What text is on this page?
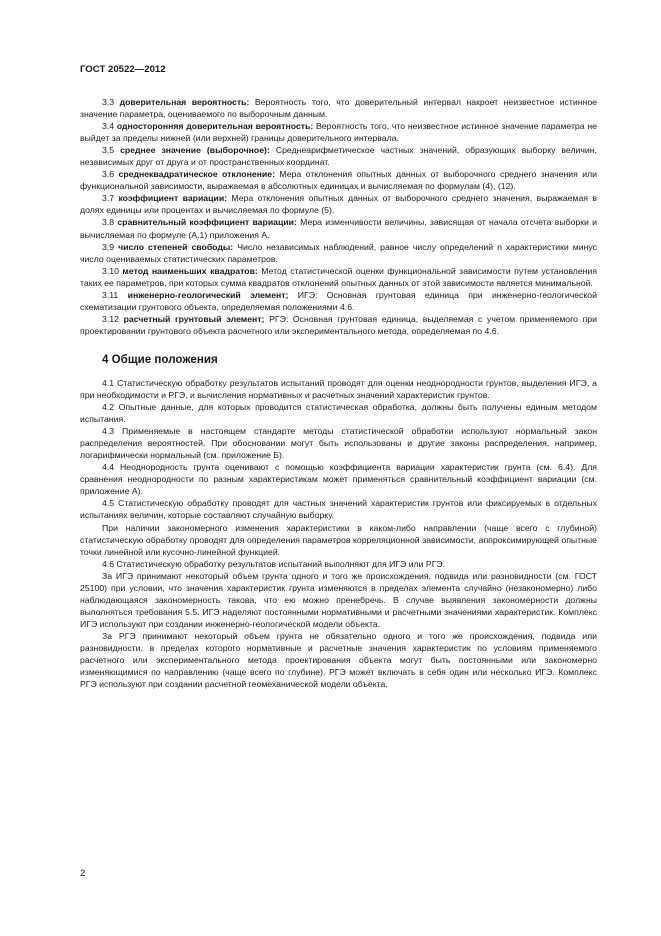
ГОСТ 20522—2012

3.3 доверительная вероятность: Вероятность того, что доверительный интервал накроет неизвестное истинное значение параметра, оцениваемого по выборочным данным.

3.4 односторонняя доверительная вероятность: Вероятность того, что неизвестное истинное значение параметра не выйдет за пределы нижней (или верхней) границы доверительного интервала.

3.5 среднее значение (выборочное): Среднеарифметическое частных значений, образующих выборку величин, независимых друг от друга и от пространственных координат.

3.6 среднеквадратическое отклонение: Мера отклонения опытных данных от выборочного среднего значения или функциональной зависимости, выражаемая в абсолютных единицах и вычисляемая по формулам (4), (12).

3.7 коэффициент вариации: Мера отклонения опытных данных от выборочного среднего значения, выражаемая в долях единицы или процентах и вычисляемая по формуле (5).

3.8 сравнительный коэффициент вариации: Мера изменчивости величины, зависящая от начала отсчета выборки и вычисляемая по формуле (А.1) приложения А.

3.9 число степеней свободы: Число независимых наблюдений, равное числу определений n характеристики минус число оцениваемых статистических параметров.

3.10 метод наименьших квадратов: Метод статистической оценки функциональной зависимости путем установления таких ее параметров, при которых сумма квадратов отклонений опытных данных от этой зависимости является минимальной.

3.11 инженерно-геологический элемент; ИГЭ: Основная грунтовая единица при инженерно-геологической схематизации грунтового объекта, определяемая положениями 4.6.

3.12 расчетный грунтовый элемент; РГЭ: Основная грунтовая единица, выделяемая с учетом применяемого при проектировании грунтового объекта расчетного или экспериментального метода, определяемая по 4.6.

4 Общие положения

4.1 Статистическую обработку результатов испытаний проводят для оценки неоднородности грунтов, выделения ИГЭ, а при необходимости и РГЭ, и вычисления нормативных и расчетных значений характеристик грунтов.

4.2 Опытные данные, для которых проводится статистическая обработка, должны быть получены единым методом испытания.

4.3 Применяемые в настоящем стандарте методы статистической обработки используют нормальный закон распределения вероятностей. При обосновании могут быть использованы и другие законы распределения, например, логарифмически нормальный (см. приложение Б).

4.4 Неоднородность грунта оценивают с помощью коэффициента вариации характеристик грунта (см. 6.4). Для сравнения неоднородности по разным характеристикам может применяться сравнительный коэффициент вариации (см. приложение А).

4.5 Статистическую обработку проводят для частных значений характеристик грунтов или фиксируемых в отдельных испытаниях величин, которые составляют случайную выборку.

При наличии закономерного изменения характеристики в каком-либо направлении (чаще всего с глубиной) статистическую обработку проводят для определения параметров корреляционной зависимости, аппроксимирующей опытные точки линейной или кусочно-линейной функцией.

4.6 Статистическую обработку результатов испытаний выполняют для ИГЭ или РГЭ.

За ИГЭ принимают некоторый объем грунта одного и того же происхождения, подвида или разновидности (см. ГОСТ 25100) при условии, что значения характеристик грунта изменяются в пределах элемента случайно (незакономерно) либо наблюдающаяся закономерность такова, что ею можно пренебречь. В случае выявления закономерности должны выполняться требования 5.5. ИГЭ наделяют постоянными нормативными и расчетными значениями характеристик. Комплекс ИГЭ используют при создании инженерно-геологической модели объекта.

За РГЭ принимают некоторый объем грунта не обязательно одного и того же происхождения, подвида или разновидности, в пределах которого нормативные и расчетные значения характеристик по условиям применяемого расчетного или экспериментального метода проектирования объекта могут быть постоянными или закономерно изменяющимися по направлению (чаще всего по глубине). РГЭ может включать в себя один или несколько ИГЭ. Комплекс РГЭ используют при создании расчетной геомеханической модели объекта.

2
